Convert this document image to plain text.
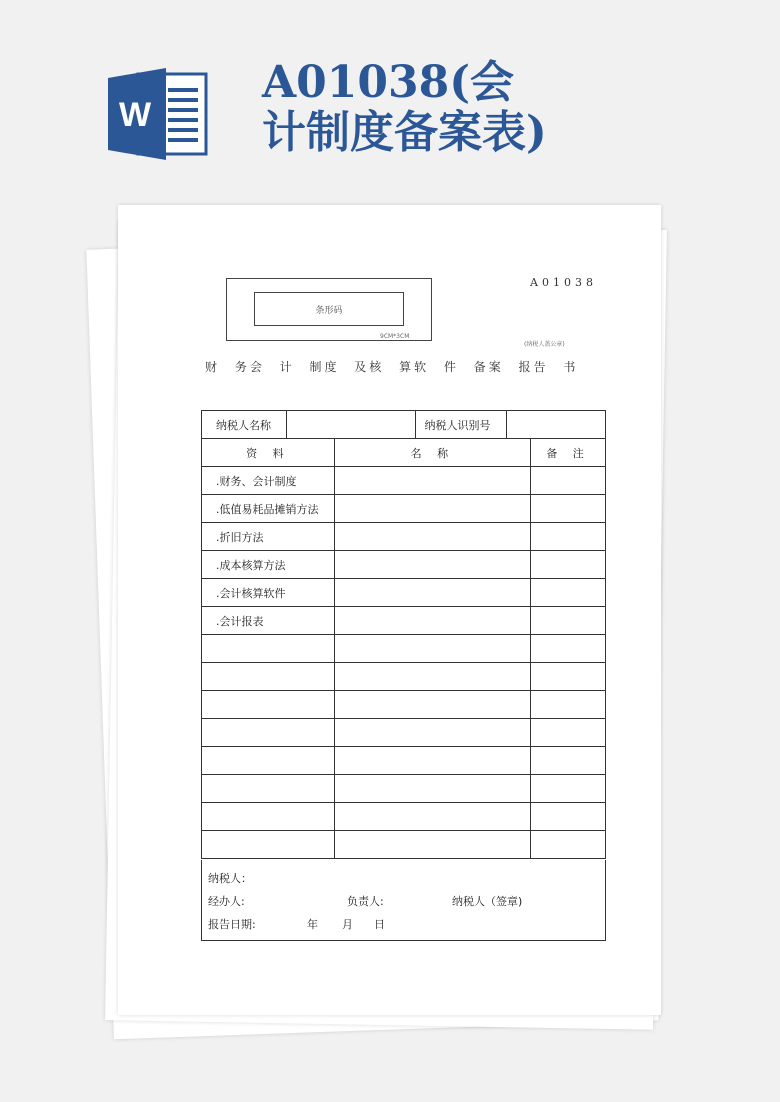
W
A01038(会
计制度备案表)
A01038
条形码
9CM*3CM
(纳税人盖公章)
财 务会 计 制度 及核 算软 件 备案 报告 书
纳税人名称			纳税人识别号		
资 料		名 称			备 注
.财务、会计制度					
.低值易耗品摊销方法					
.折旧方法					
.成本核算方法					
.会计核算软件					
.会计报表					

纳税人：
经办人:	负责人:	纳税人（签章)
报告日期:	年 月 日
